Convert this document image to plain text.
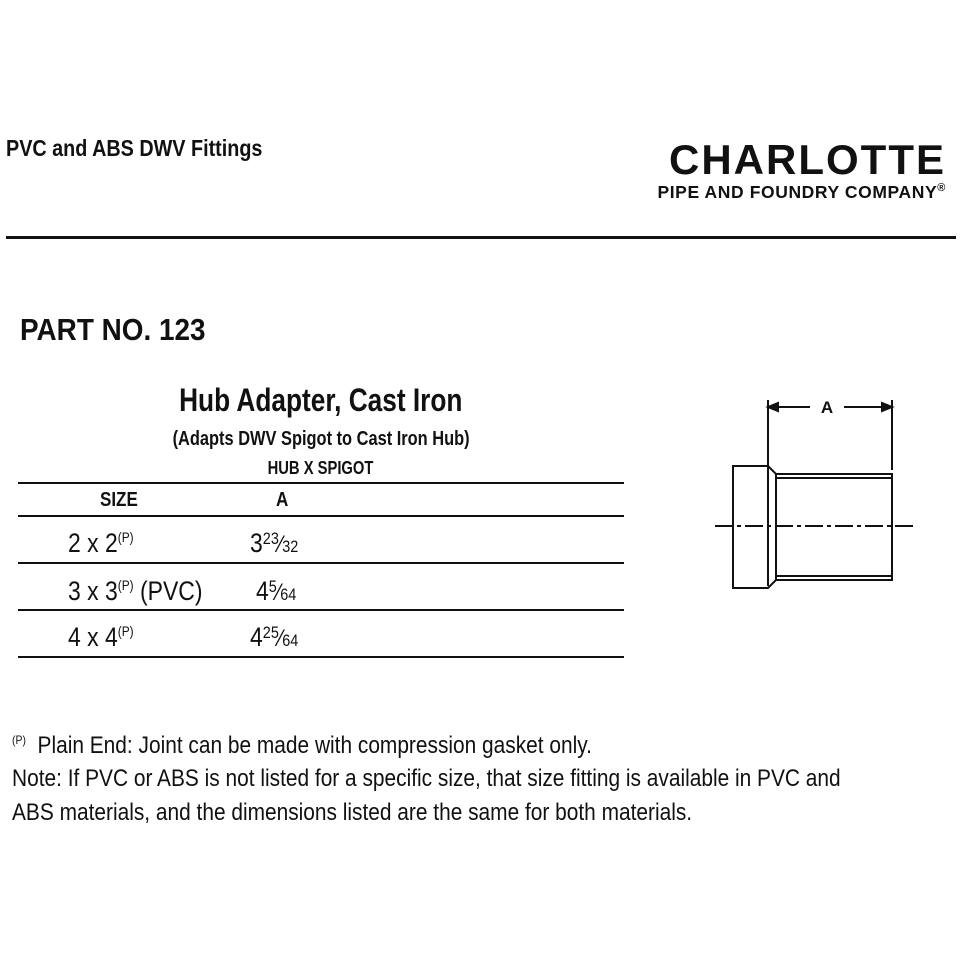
PVC and ABS DWV Fittings	CHARLOTTE
PIPE AND FOUNDRY COMPANY®
PART NO. 123
Hub Adapter, Cast Iron
(Adapts DWV Spigot to Cast Iron Hub)
HUB X SPIGOT
SIZE	A
2 x $2^{(P)}$	323⁄32
3 x $3^{(P)}$ (PVC) 45⁄64
4 x $4^{(P)}$	425⁄64
A
$^{(P)}$ Plain End: Joint can be made with compression gasket only.
Note: If PVC or ABS is not listed for a specific size, that size fitting is available in PVC and
ABS materials, and the dimensions listed are the same for both materials.
